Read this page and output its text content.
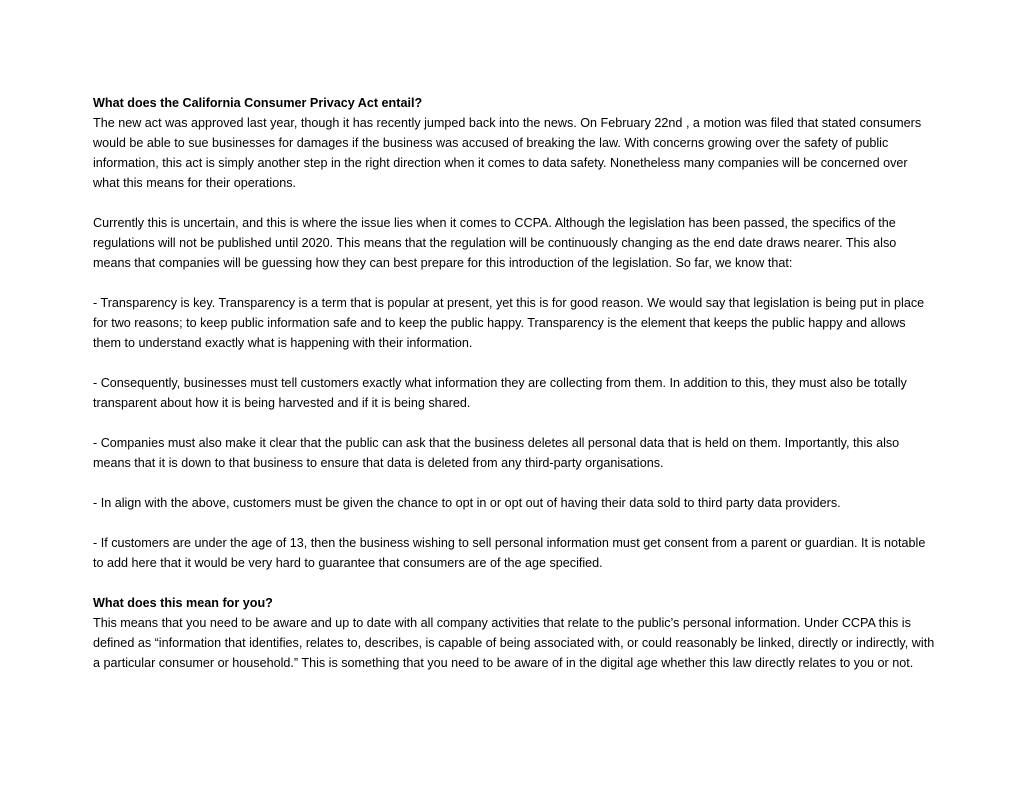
What does the California Consumer Privacy Act entail?

The new act was approved last year, though it has recently jumped back into the news. On February 22nd , a motion was filed that stated consumers would be able to sue businesses for damages if the business was accused of breaking the law. With concerns growing over the safety of public information, this act is simply another step in the right direction when it comes to data safety. Nonetheless many companies will be concerned over what this means for their operations.

Currently this is uncertain, and this is where the issue lies when it comes to CCPA. Although the legislation has been passed, the specifics of the regulations will not be published until 2020. This means that the regulation will be continuously changing as the end date draws nearer. This also means that companies will be guessing how they can best prepare for this introduction of the legislation. So far, we know that:

- Transparency is key. Transparency is a term that is popular at present, yet this is for good reason. We would say that legislation is being put in place for two reasons; to keep public information safe and to keep the public happy. Transparency is the element that keeps the public happy and allows them to understand exactly what is happening with their information.

- Consequently, businesses must tell customers exactly what information they are collecting from them. In addition to this, they must also be totally transparent about how it is being harvested and if it is being shared.

- Companies must also make it clear that the public can ask that the business deletes all personal data that is held on them. Importantly, this also means that it is down to that business to ensure that data is deleted from any third-party organisations.

- In align with the above, customers must be given the chance to opt in or opt out of having their data sold to third party data providers.

- If customers are under the age of 13, then the business wishing to sell personal information must get consent from a parent or guardian. It is notable to add here that it would be very hard to guarantee that consumers are of the age specified.

What does this mean for you?

This means that you need to be aware and up to date with all company activities that relate to the public’s personal information. Under CCPA this is defined as “information that identifies, relates to, describes, is capable of being associated with, or could reasonably be linked, directly or indirectly, with a particular consumer or household.” This is something that you need to be aware of in the digital age whether this law directly relates to you or not.
